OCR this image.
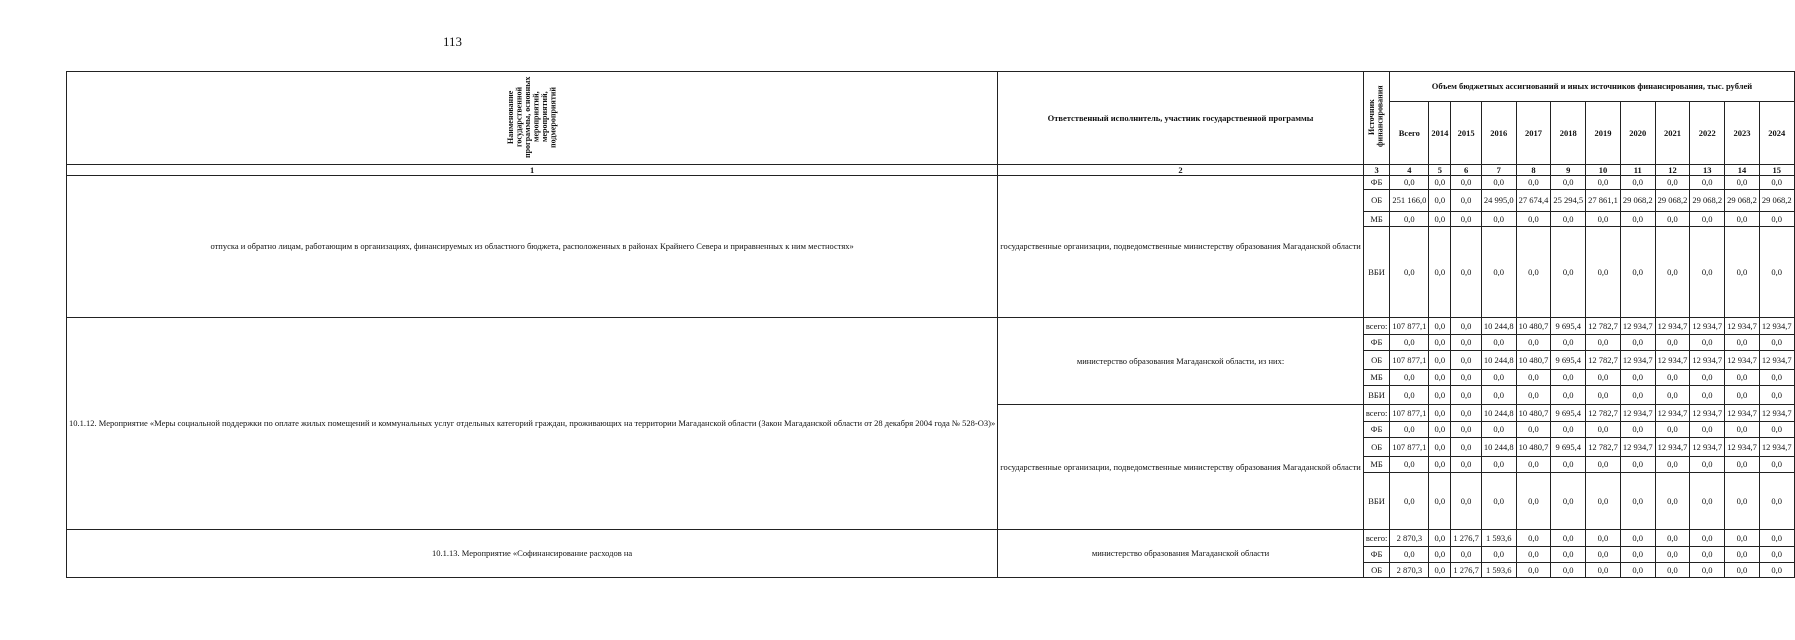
113
Наименование государственной программы, основных мероприятий, мероприятий, подмероприятий	Ответственный исполнитель, участник государственной программы	Источник финансирования	Объем бюджетных ассигнований и иных источников финансирования, тыс. рублей											
			Всего	2014	2015	2016	2017	2018	2019	2020	2021	2022	2023	2024
1	2	3	4	5	6	7	8	9	10	11	12	13	14	15
отпуска и обратно лицам, работающим в организациях, финансируемых из областного бюджета, расположенных в районах Крайнего Севера и приравненных к ним местностях»	государственные организации, подведомственные министерству образования Магаданской области	ФБ	0,0	0,0	0,0	0,0	0,0	0,0	0,0	0,0	0,0	0,0	0,0	0,0
		ОБ	251 166,0	0,0	0,0	24 995,0	27 674,4	25 294,5	27 861,1	29 068,2	29 068,2	29 068,2	29 068,2	29 068,2
		МБ	0,0	0,0	0,0	0,0	0,0	0,0	0,0	0,0	0,0	0,0	0,0	0,0
		ВБИ	0,0	0,0	0,0	0,0	0,0	0,0	0,0	0,0	0,0	0,0	0,0	0,0
10.1.12. Мероприятие «Меры социальной поддержки по оплате жилых помещений и коммунальных услуг отдельных категорий граждан, проживающих на территории Магаданской области (Закон Магаданской области от 28 декабря 2004 года № 528-ОЗ)»	министерство образования Магаданской области, из них:	всего:	107 877,1	0,0	0,0	10 244,8	10 480,7	9 695,4	12 782,7	12 934,7	12 934,7	12 934,7	12 934,7	12 934,7
		ФБ	0,0	0,0	0,0	0,0	0,0	0,0	0,0	0,0	0,0	0,0	0,0	0,0
		ОБ	107 877,1	0,0	0,0	10 244,8	10 480,7	9 695,4	12 782,7	12 934,7	12 934,7	12 934,7	12 934,7	12 934,7
		МБ	0,0	0,0	0,0	0,0	0,0	0,0	0,0	0,0	0,0	0,0	0,0	0,0
		ВБИ	0,0	0,0	0,0	0,0	0,0	0,0	0,0	0,0	0,0	0,0	0,0	0,0
	государственные организации, подведомственные министерству образования Магаданской области	всего:	107 877,1	0,0	0,0	10 244,8	10 480,7	9 695,4	12 782,7	12 934,7	12 934,7	12 934,7	12 934,7	12 934,7
		ФБ	0,0	0,0	0,0	0,0	0,0	0,0	0,0	0,0	0,0	0,0	0,0	0,0
		ОБ	107 877,1	0,0	0,0	10 244,8	10 480,7	9 695,4	12 782,7	12 934,7	12 934,7	12 934,7	12 934,7	12 934,7
		МБ	0,0	0,0	0,0	0,0	0,0	0,0	0,0	0,0	0,0	0,0	0,0	0,0
		ВБИ	0,0	0,0	0,0	0,0	0,0	0,0	0,0	0,0	0,0	0,0	0,0	0,0
10.1.13. Мероприятие «Софинансирование расходов на	министерство образования Магаданской области	всего:	2 870,3	0,0	1 276,7	1 593,6	0,0	0,0	0,0	0,0	0,0	0,0	0,0	0,0
		ФБ	0,0	0,0	0,0	0,0	0,0	0,0	0,0	0,0	0,0	0,0	0,0	0,0
		ОБ	2 870,3	0,0	1 276,7	1 593,6	0,0	0,0	0,0	0,0	0,0	0,0	0,0	0,0
